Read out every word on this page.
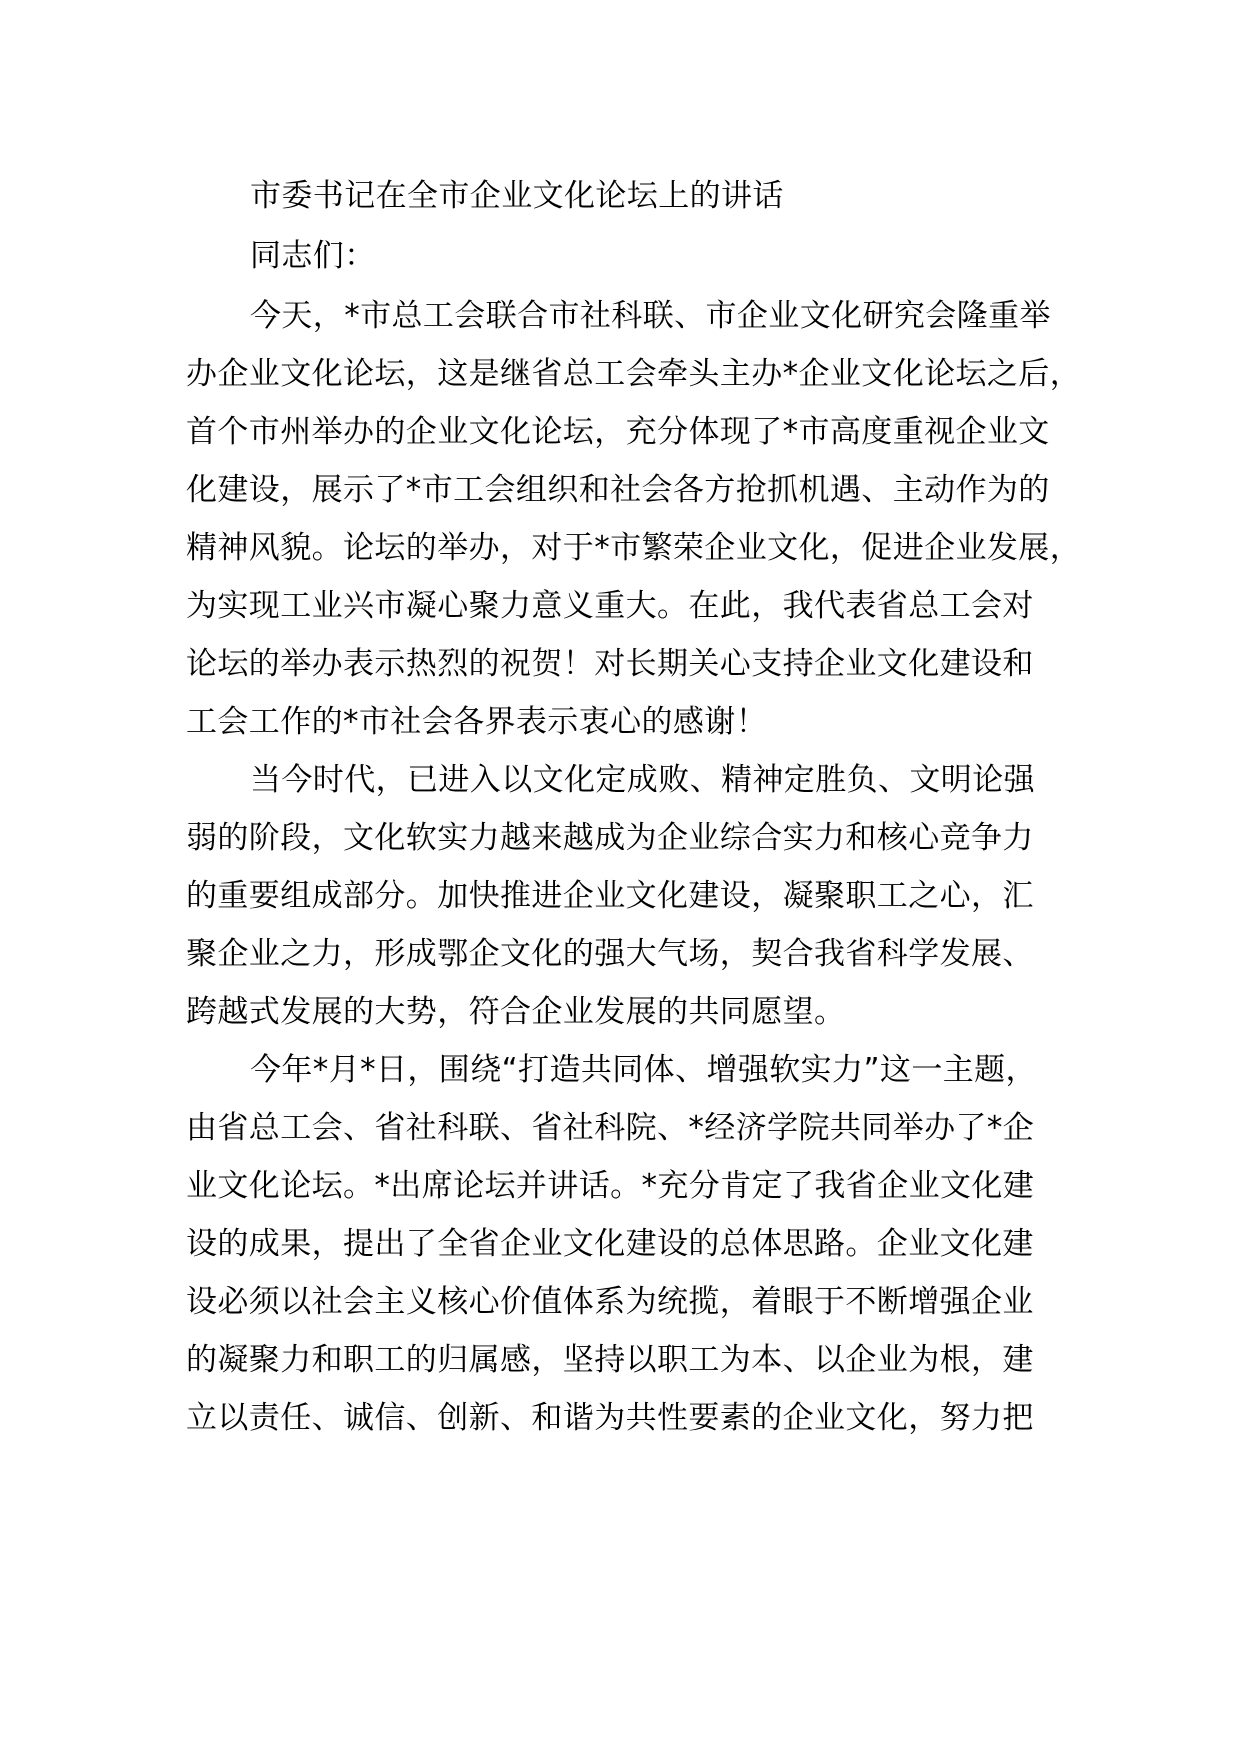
市委书记在全市企业文化论坛上的讲话
同志们：
今天，*市总工会联合市社科联、市企业文化研究会隆重举
办企业文化论坛，这是继省总工会牵头主办*企业文化论坛之后，
首个市州举办的企业文化论坛，充分体现了*市高度重视企业文
化建设，展示了*市工会组织和社会各方抢抓机遇、主动作为的
精神风貌。论坛的举办，对于*市繁荣企业文化，促进企业发展，
为实现工业兴市凝心聚力意义重大。在此，我代表省总工会对
论坛的举办表示热烈的祝贺！对长期关心支持企业文化建设和
工会工作的*市社会各界表示衷心的感谢！
当今时代，已进入以文化定成败、精神定胜负、文明论强
弱的阶段，文化软实力越来越成为企业综合实力和核心竞争力
的重要组成部分。加快推进企业文化建设，凝聚职工之心，汇
聚企业之力，形成鄂企文化的强大气场，契合我省科学发展、
跨越式发展的大势，符合企业发展的共同愿望。
今年*月*日，围绕“打造共同体、增强软实力”这一主题，
由省总工会、省社科联、省社科院、*经济学院共同举办了*企
业文化论坛。*出席论坛并讲话。*充分肯定了我省企业文化建
设的成果，提出了全省企业文化建设的总体思路。企业文化建
设必须以社会主义核心价值体系为统揽，着眼于不断增强企业
的凝聚力和职工的归属感，坚持以职工为本、以企业为根，建
立以责任、诚信、创新、和谐为共性要素的企业文化，努力把
